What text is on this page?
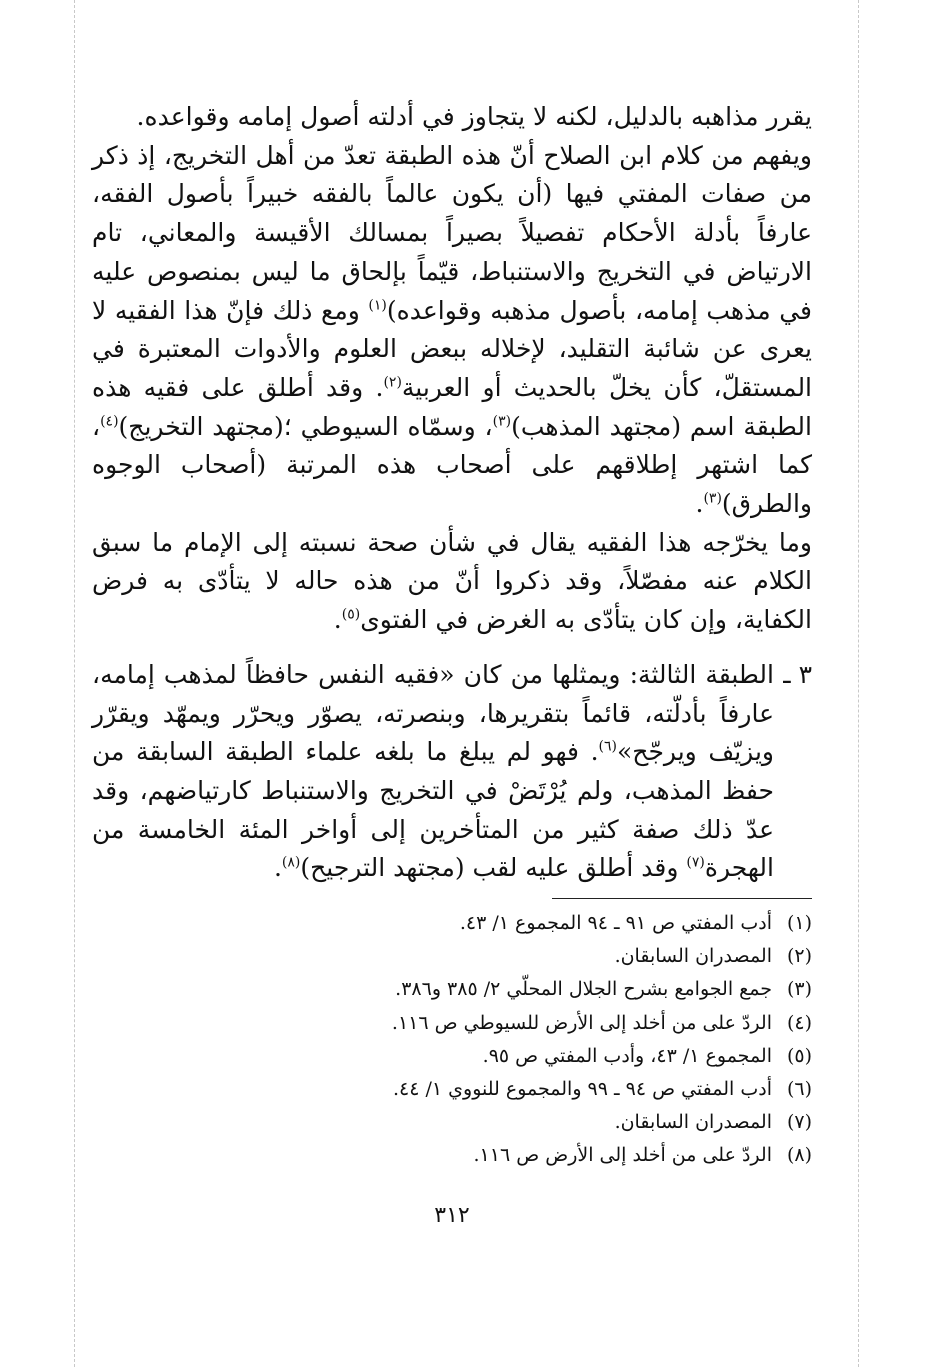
يقرر مذاهبه بالدليل، لكنه لا يتجاوز في أدلته أصول إمامه وقواعده.
ويفهم من كلام ابن الصلاح أنّ هذه الطبقة تعدّ من أهل التخريج، إذ ذكر من صفات المفتي فيها (أن يكون عالماً بالفقه خبيراً بأصول الفقه، عارفاً بأدلة الأحكام تفصيلاً بصيراً بمسالك الأقيسة والمعاني، تام الارتياض في التخريج والاستنباط، قيّماً بإلحاق ما ليس بمنصوص عليه في مذهب إمامه، بأصول مذهبه وقواعده)$^{(١)}$ ومع ذلك فإنّ هذا الفقيه لا يعرى عن شائبة التقليد، لإخلاله ببعض العلوم والأدوات المعتبرة في المستقلّ، كأن يخلّ بالحديث أو العربية$^{(٢)}$. وقد أطلق على فقيه هذه الطبقة اسم (مجتهد المذهب)$^{(٣)}$، وسمّاه السيوطي ؛(مجتهد التخريج)$^{(٤)}$، كما اشتهر إطلاقهم على أصحاب هذه المرتبة (أصحاب الوجوه والطرق)$^{(٣)}$.
وما يخرّجه هذا الفقيه يقال في شأن صحة نسبته إلى الإمام ما سبق الكلام عنه مفصّلاً، وقد ذكروا أنّ من هذه حاله لا يتأدّى به فرض الكفاية، وإن كان يتأدّى به الغرض في الفتوى$^{(٥)}$.
٣ ـ
الطبقة الثالثة: ويمثلها من كان «فقيه النفس حافظاً لمذهب إمامه، عارفاً بأدلّته، قائماً بتقريرها، وبنصرته، يصوّر ويحرّر ويمهّد ويقرّر ويزيّف ويرجّح»$^{(٦)}$. فهو لم يبلغ ما بلغه علماء الطبقة السابقة من حفظ المذهب، ولم يُرْتَضْ في التخريج والاستنباط كارتياضهم، وقد عدّ ذلك صفة كثير من المتأخرين إلى أواخر المئة الخامسة من الهجرة$^{(٧)}$ وقد أطلق عليه لقب (مجتهد الترجيح)$^{(٨)}$.
(١)أدب المفتي ص ٩١ ـ ٩٤ المجموع ١/ ٤٣.
(٢)المصدران السابقان.
(٣)جمع الجوامع بشرح الجلال المحلّي ٢/ ٣٨٥ و٣٨٦.
(٤)الردّ على من أخلد إلى الأرض للسيوطي ص ١١٦.
(٥)المجموع ١/ ٤٣، وأدب المفتي ص ٩٥.
(٦)أدب المفتي ص ٩٤ ـ ٩٩ والمجموع للنووي ١/ ٤٤.
(٧)المصدران السابقان.
(٨)الردّ على من أخلد إلى الأرض ص ١١٦.
٣١٢
